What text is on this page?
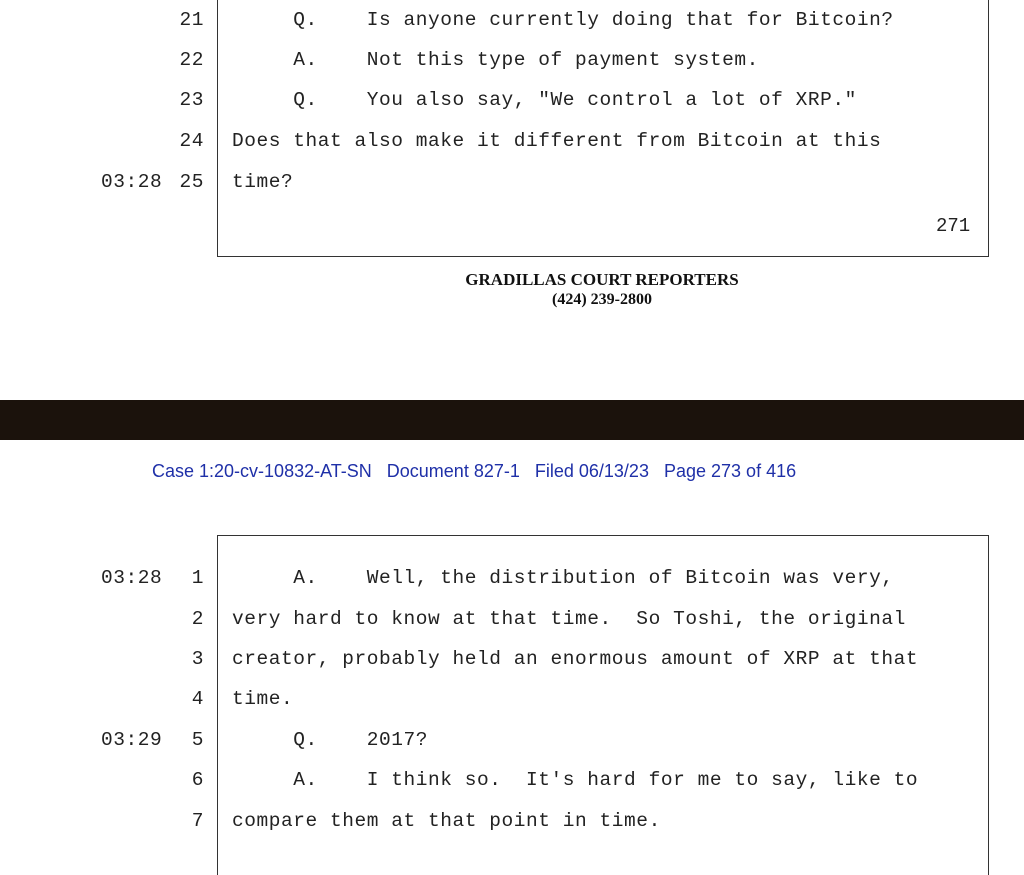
21 Q.    Is anyone currently doing that for Bitcoin?
22 A.    Not this type of payment system.
23 Q.    You also say, "We control a lot of XRP."
24 Does that also make it different from Bitcoin at this
03:28 25 time?
271
GRADILLAS COURT REPORTERS
(424) 239-2800
Case 1:20-cv-10832-AT-SN Document 827-1 Filed 06/13/23 Page 273 of 416
03:28	1 A.    Well, the distribution of Bitcoin was very,
2 very hard to know at that time.  So Toshi, the original
3 creator, probably held an enormous amount of XRP at that
4 time.
03:29	5 Q.    2017?
6 A.    I think so.  It's hard for me to say, like to
7 compare them at that point in time.
